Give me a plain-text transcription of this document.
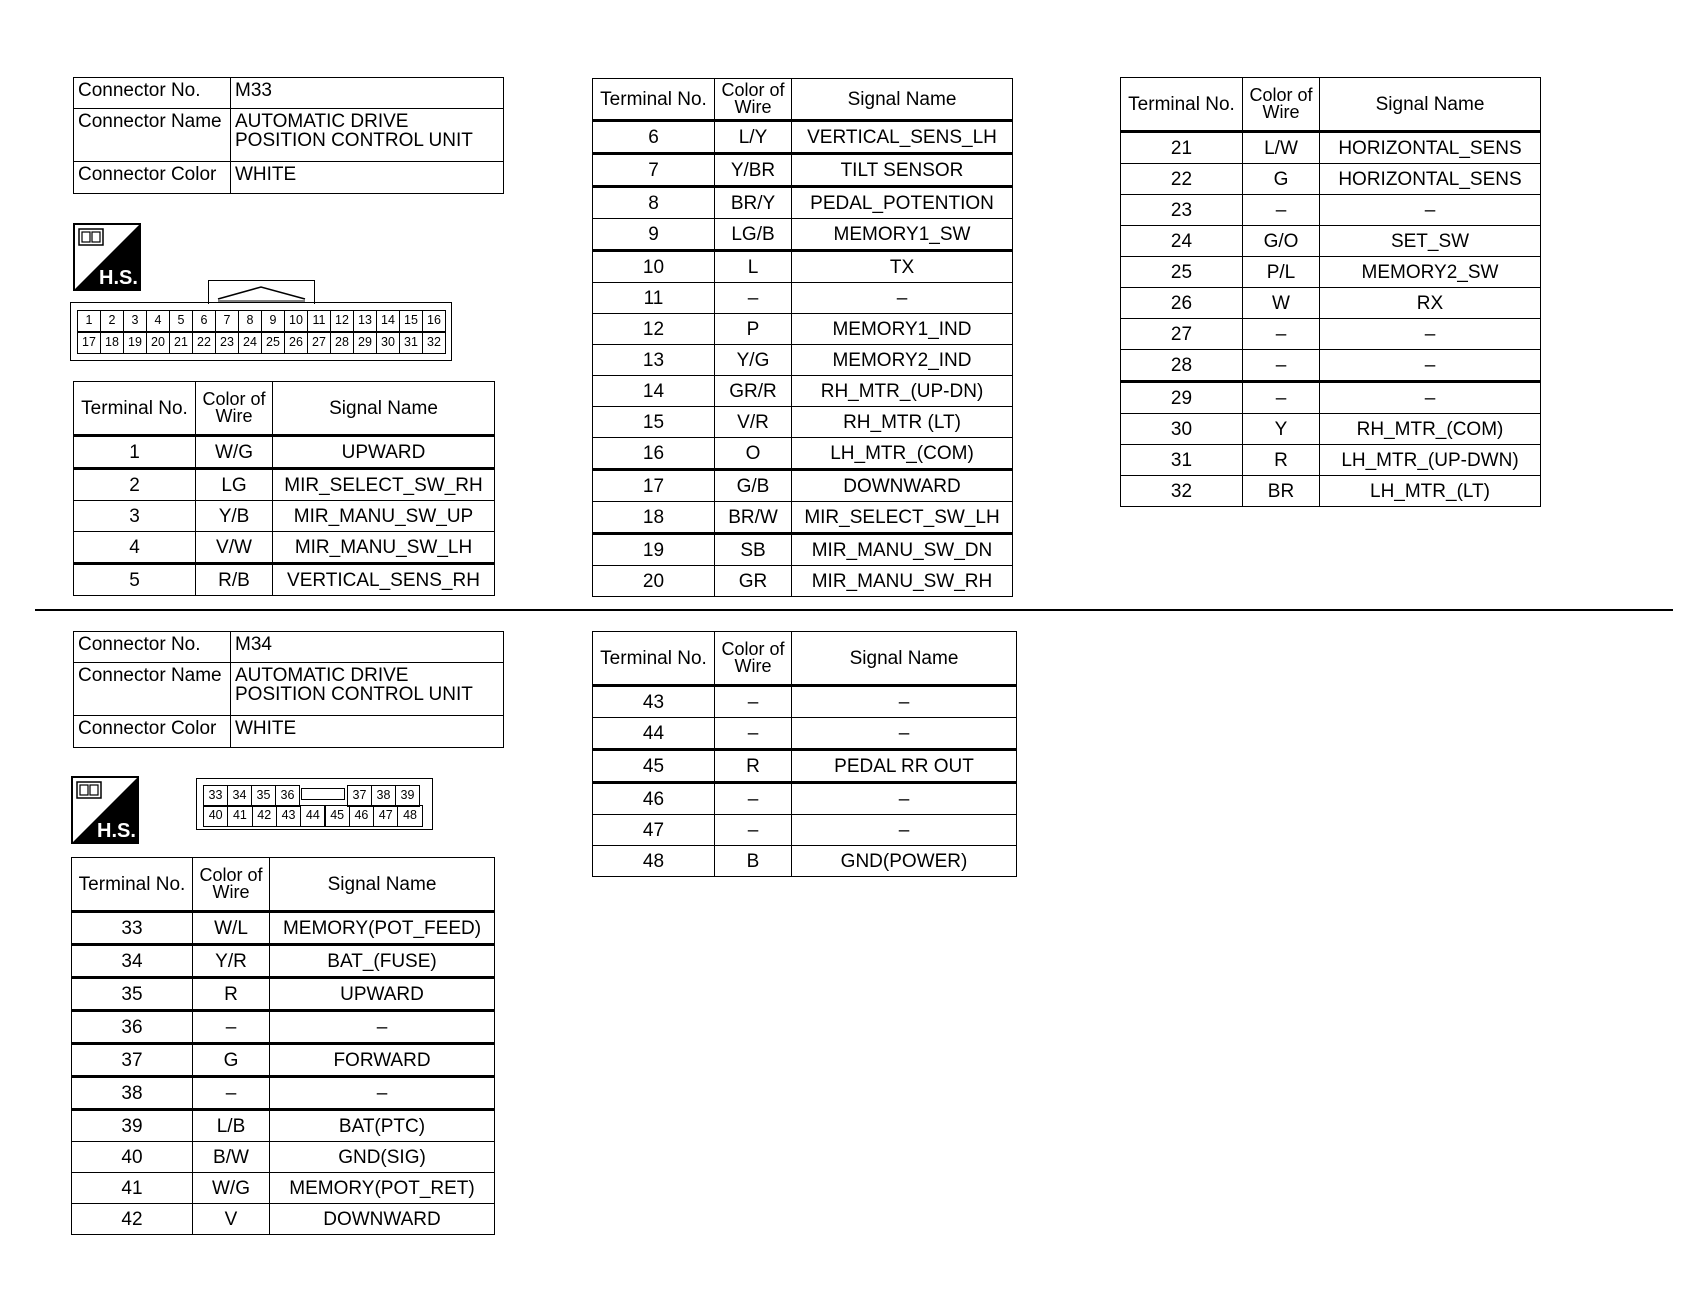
Connector No.	M33
Connector Name	AUTOMATIC DRIVE POSITION CONTROL UNIT
Connector Color	WHITE
H.S.
1	2	3	4	5	6	7	8	9	10 11 12 13 14 15 16
17 18 19 20 21 22 23 24 25 26 27 28 29 30 31 32
Terminal No.	Color of Wire	Signal Name
1	W/G	UPWARD
2	LG	MIR_SELECT_SW_RH
3	Y/B	MIR_MANU_SW_UP
4	V/W	MIR_MANU_SW_LH
5	R/B	VERTICAL_SENS_RH
Terminal No.	Color of Wire	Signal Name
6	L/Y	VERTICAL_SENS_LH
7	Y/BR	TILT SENSOR
8	BR/Y	PEDAL_POTENTION
9	LG/B	MEMORY1_SW
10	L	TX
11	–	–
12	P	MEMORY1_IND
13	Y/G	MEMORY2_IND
14	GR/R	RH_MTR_(UP-DN)
15	V/R	RH_MTR (LT)
16	O	LH_MTR_(COM)
17	G/B	DOWNWARD
18	BR/W	MIR_SELECT_SW_LH
19	SB	MIR_MANU_SW_DN
20	GR	MIR_MANU_SW_RH
Terminal No.	Color of Wire	Signal Name
21	L/W	HORIZONTAL_SENS
22	G	HORIZONTAL_SENS
23	–	–
24	G/O	SET_SW
25	P/L	MEMORY2_SW
26	W	RX
27	–	–
28	–	–
29	–	–
30	Y	RH_MTR_(COM)
31	R	LH_MTR_(UP-DWN)
32	BR	LH_MTR_(LT)
Connector No.	M34
Connector Name	AUTOMATIC DRIVE POSITION CONTROL UNIT
Connector Color	WHITE
H.S.
33 34 35 36	37 38 39
40 41 42 43 44 45 46 47 48
Terminal No.	Color of Wire	Signal Name
33	W/L	MEMORY(POT_FEED)
34	Y/R	BAT_(FUSE)
35	R	UPWARD
36	–	–
37	G	FORWARD
38	–	–
39	L/B	BAT(PTC)
40	B/W	GND(SIG)
41	W/G	MEMORY(POT_RET)
42	V	DOWNWARD
Terminal No.	Color of Wire	Signal Name
43	–	–
44	–	–
45	R	PEDAL RR OUT
46	–	–
47	–	–
48	B	GND(POWER)
